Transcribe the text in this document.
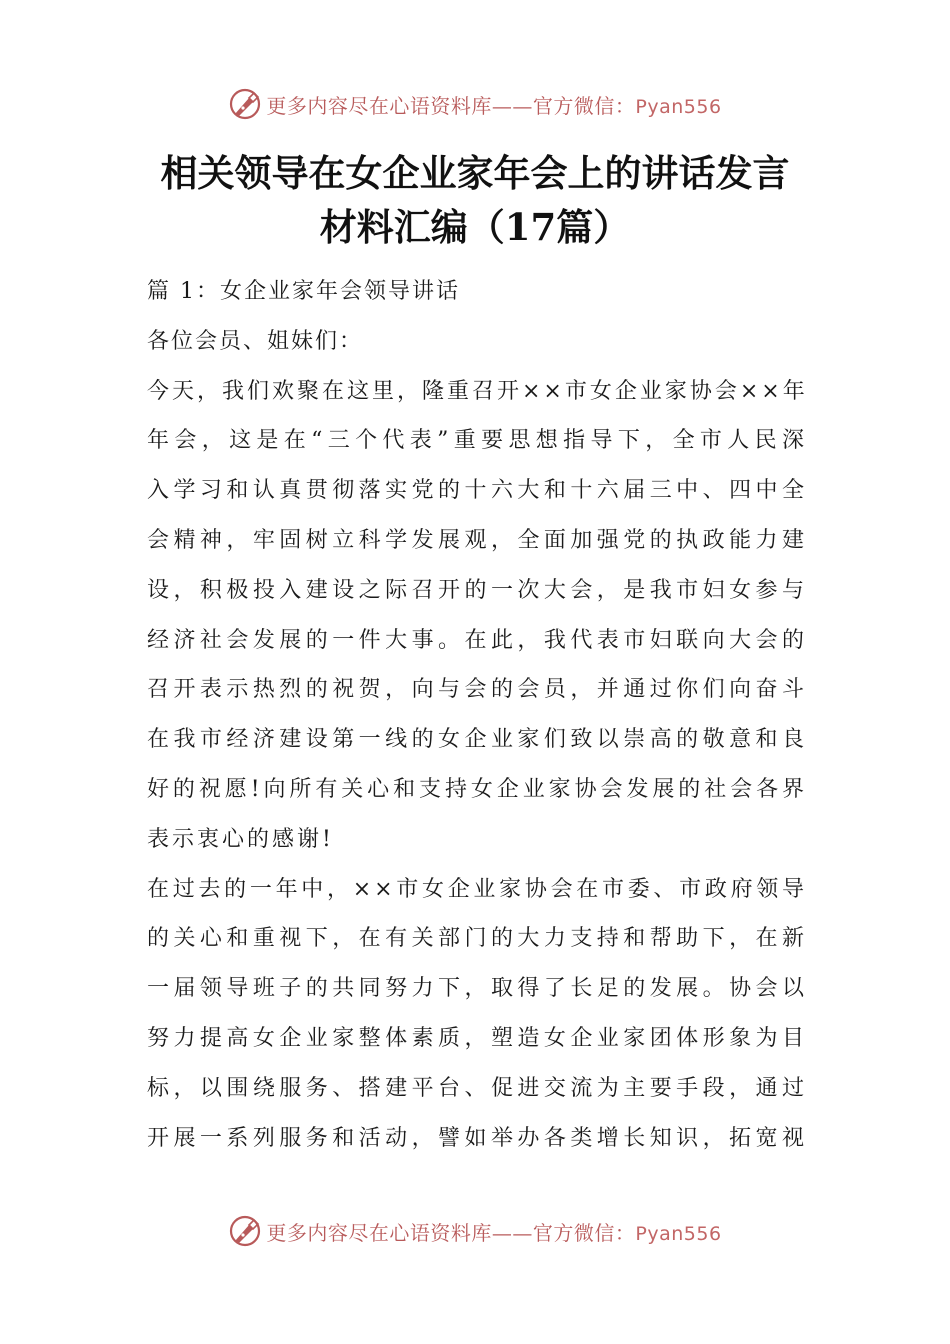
更多内容尽在心语资料库——官方微信：Pyan556
相关领导在女企业家年会上的讲话发言
材料汇编（17篇）

篇 1：女企业家年会领导讲话

各位会员、姐妹们：

今天，我们欢聚在这里，隆重召开××市女企业家协会××年
年会，这是在“三个代表”重要思想指导下，全市人民深
入学习和认真贯彻落实党的十六大和十六届三中、四中全
会精神，牢固树立科学发展观，全面加强党的执政能力建
设，积极投入建设之际召开的一次大会，是我市妇女参与
经济社会发展的一件大事。在此，我代表市妇联向大会的
召开表示热烈的祝贺，向与会的会员，并通过你们向奋斗
在我市经济建设第一线的女企业家们致以崇高的敬意和良
好的祝愿!向所有关心和支持女企业家协会发展的社会各界
表示衷心的感谢!

在过去的一年中，××市女企业家协会在市委、市政府领导
的关心和重视下，在有关部门的大力支持和帮助下，在新
一届领导班子的共同努力下，取得了长足的发展。协会以
努力提高女企业家整体素质，塑造女企业家团体形象为目
标，以围绕服务、搭建平台、促进交流为主要手段，通过
开展一系列服务和活动，譬如举办各类增长知识，拓宽视

更多内容尽在心语资料库——官方微信：Pyan556
